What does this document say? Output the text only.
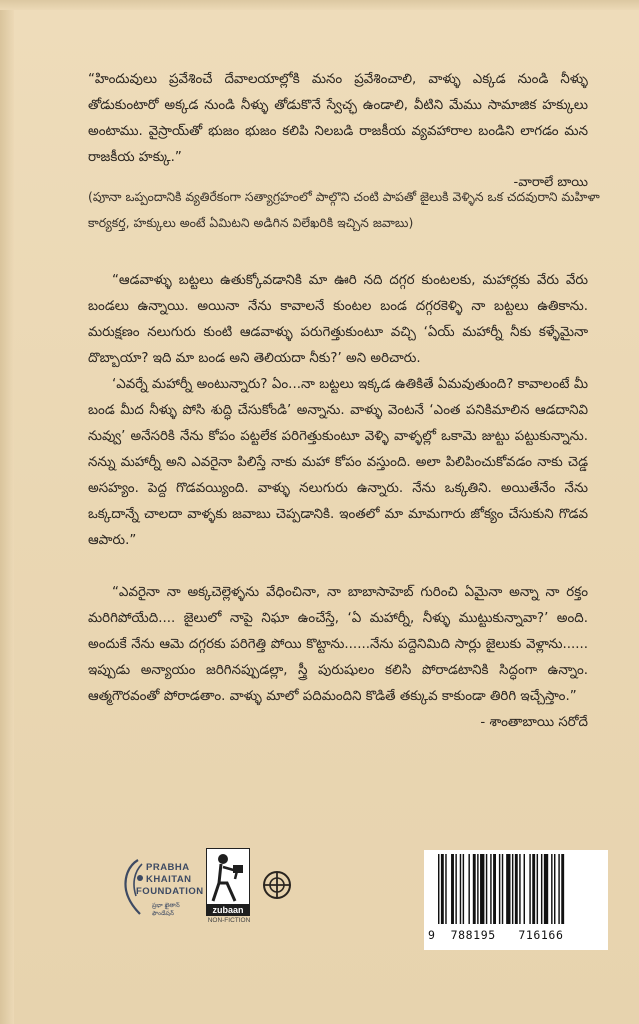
“హిందువులు ప్రవేశించే దేవాలయాల్లోకి మనం ప్రవేశించాలి, వాళ్ళు ఎక్కడ నుండి నీళ్ళు తోడుకుంటారో అక్కడ నుండి నీళ్ళు తోడుకొనే స్వేచ్ఛ ఉండాలి, వీటిని మేము సామాజిక హక్కులు అంటాము. వైస్రాయ్‌తో భుజం భుజం కలిపి నిలబడి రాజకీయ వ్యవహారాల బండిని లాగడం మన రాజకీయ హక్కు.”
-వారాలే బాయి
(పూనా ఒప్పందానికి వ్యతిరేకంగా సత్యాగ్రహంలో పాల్గొని చంటి పాపతో జైలుకి వెళ్ళిన ఒక చదవురాని మహిళా కార్యకర్త, హక్కులు అంటే ఏమిటని అడిగిన విలేఖరికి ఇచ్చిన జవాబు)

“ఆడవాళ్ళు బట్టలు ఉతుక్కోవడానికి మా ఊరి నది దగ్గర కుంటలకు, మహార్లకు వేరు వేరు బండలు ఉన్నాయి. అయినా నేను కావాలనే కుంటల బండ దగ్గరకెళ్ళి నా బట్టలు ఉతికాను. మరుక్షణం నలుగురు కుంటి ఆడవాళ్ళు పరుగెత్తుకుంటూ వచ్చి ‘ఏయ్ మహార్నీ నీకు కళ్ళేమైనా దొబ్బాయా? ఇది మా బండ అని తెలియదా నీకు?’ అని అరిచారు.

‘ఎవర్నే మహార్నీ అంటున్నారు? ఏం...నా బట్టలు ఇక్కడ ఉతికితే ఏమవుతుంది? కావాలంటే మీ బండ మీద నీళ్ళు పోసి శుద్ధి చేసుకోండి’ అన్నాను. వాళ్ళు వెంటనే ‘ఎంత పనికిమాలిన ఆడదానివి నువ్వు’ అనేసరికి నేను కోపం పట్టలేక పరిగెత్తుకుంటూ వెళ్ళి వాళ్ళల్లో ఒకామె జుట్టు పట్టుకున్నాను. నన్ను మహార్నీ అని ఎవరైనా పిలిస్తే నాకు మహా కోపం వస్తుంది. అలా పిలిపించుకోవడం నాకు చెడ్డ అసహ్యం. పెద్ద గొడవయ్యింది. వాళ్ళు నలుగురు ఉన్నారు. నేను ఒక్కతిని. అయితేనేం నేను ఒక్కదాన్నే చాలదా వాళ్ళకు జవాబు చెప్పడానికి. ఇంతలో మా మామగారు జోక్యం చేసుకుని గొడవ ఆపారు.”

“ఎవరైనా నా అక్కచెల్లెళ్ళను వేధించినా, నా బాబాసాహెబ్ గురించి ఏమైనా అన్నా నా రక్తం మరిగిపోయేది.... జైలులో నాపై నిఘా ఉంచేస్తే, ‘ఏ మహార్నీ, నీళ్ళు ముట్టుకున్నావా?’ అంది. అందుకే నేను ఆమె దగ్గరకు పరిగెత్తి పోయి కొట్టాను......నేను పద్దెనిమిది సార్లు జైలుకు వెళ్లాను...... ఇప్పుడు అన్యాయం జరిగినప్పుడల్లా, స్త్రీ పురుషులం కలిసి పోరాడటానికి సిద్ధంగా ఉన్నాం. ఆత్మగౌరవంతో పోరాడతాం. వాళ్ళు మాలో పదిమందిని కొడితే తక్కువ కాకుండా తిరిగి ఇచ్చేస్తాం.”
- శాంతాబాయి సరోదే

PRABHA
KHAITAN
FOUNDATION
ప్రభా ఖైతాన్ ఫౌండేషన్	zubaan
NON-FICTION
9 788195 716166
